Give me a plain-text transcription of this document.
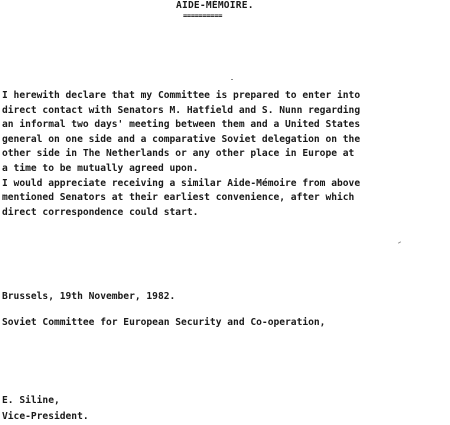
AIDE-MÉMOIRE.
==========
I herewith declare that my Committee is prepared to enter into
direct contact with Senators M. Hatfield and S. Nunn regarding
an informal two days' meeting between them and a United States
general on one side and a comparative Soviet delegation on the
other side in The Netherlands or any other place in Europe at
a time to be mutually agreed upon.
I would appreciate receiving a similar Aide-Mémoire from above
mentioned Senators at their earliest convenience, after which
direct correspondence could start.
Brussels, 19th November, 1982.
Soviet Committee for European Security and Co-operation,
E. Siline,
Vice-President.
